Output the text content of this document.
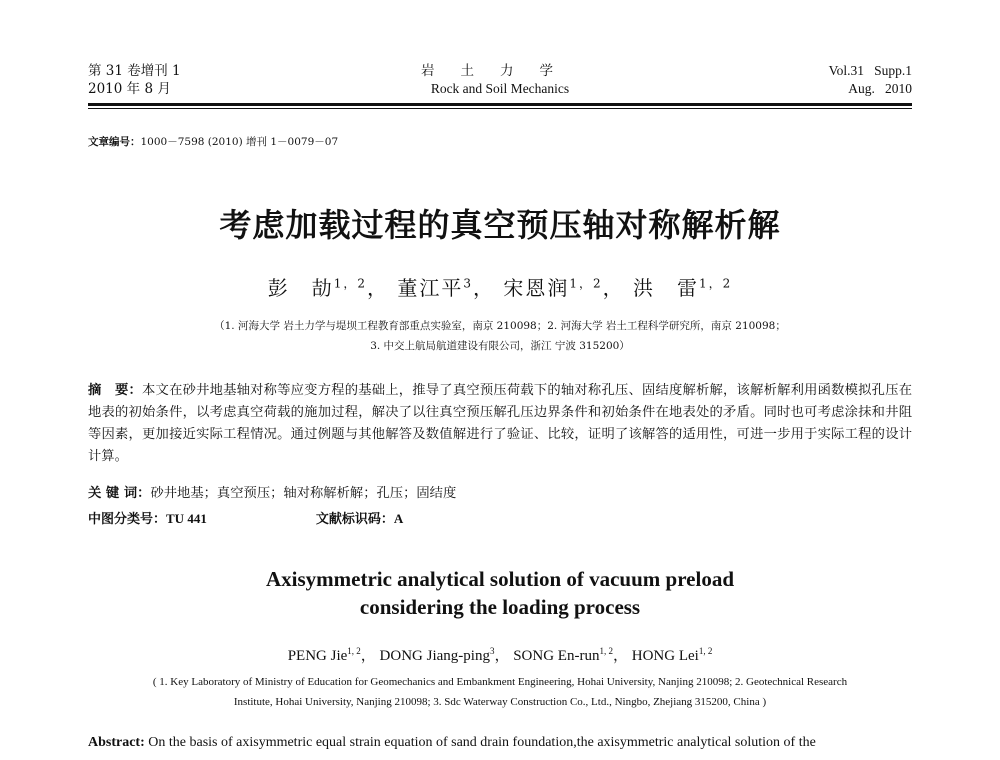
第 31 卷增刊 1
2010 年 8 月
岩土力学
Rock and Soil Mechanics
Vol.31   Supp.1
Aug.   2010
文章编号：1000－7598 (2010) 增刊 1－0079－07
考虑加载过程的真空预压轴对称解析解
彭　劼$^{1,2}$， 董江平$^3$， 宋恩润$^{1,2}$， 洪　雷$^{1,2}$
（1. 河海大学 岩土力学与堤坝工程教育部重点实验室，南京 210098；2. 河海大学 岩土工程科学研究所，南京 210098；
3. 中交上航局航道建设有限公司，浙江 宁波 315200）
摘　要：本文在砂井地基轴对称等应变方程的基础上，推导了真空预压荷载下的轴对称孔压、固结度解析解，该解析解利用函数模拟孔压在地表的初始条件，以考虑真空荷载的施加过程，解决了以往真空预压解孔压边界条件和初始条件在地表处的矛盾。同时也可考虑涂抹和井阻等因素，更加接近实际工程情况。通过例题与其他解答及数值解进行了验证、比较，证明了该解答的适用性，可进一步用于实际工程的设计计算。
关 键 词：砂井地基；真空预压；轴对称解析解；孔压；固结度
中图分类号：TU 441	文献标识码：A
Axisymmetric analytical solution of vacuum preload
considering the loading process
PENG Jie$^{1, 2}$， DONG Jiang-ping$^3$， SONG En-run$^{1, 2}$， HONG Lei$^{1, 2}$
( 1. Key Laboratory of Ministry of Education for Geomechanics and Embankment Engineering, Hohai University, Nanjing 210098; 2. Geotechnical Research
Institute, Hohai University, Nanjing 210098; 3. Sdc Waterway Construction Co., Ltd., Ningbo, Zhejiang 315200, China )
Abstract: On the basis of axisymmetric equal strain equation of sand drain foundation,the axisymmetric analytical solution of the
